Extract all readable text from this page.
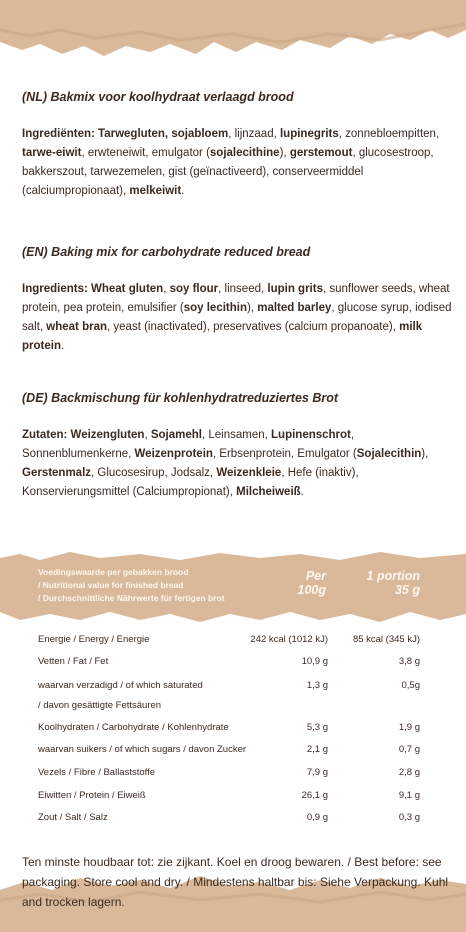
(NL) Bakmix voor koolhydraat verlaagd brood

Ingrediënten: Tarwegluten, sojabloem, lijnzaad, lupinegrits, zonnebloempitten, tarwe-eiwit, erwteneiwit, emulgator (sojalecithine), gerstemout, glucosestroop, bakkerszout, tarwezemelen, gist (geïnactiveerd), conserveermiddel (calciumpropionaat), melkeiwit.

(EN) Baking mix for carbohydrate reduced bread

Ingredients: Wheat gluten, soy flour, linseed, lupin grits, sunflower seeds, wheat protein, pea protein, emulsifier (soy lecithin), malted barley, glucose syrup, iodised salt, wheat bran, yeast (inactivated), preservatives (calcium propanoate), milk protein.

(DE) Backmischung für kohlenhydratreduziertes Brot

Zutaten: Weizengluten, Sojamehl, Leinsamen, Lupinenschrot, Sonnenblumenkerne, Weizenprotein, Erbsenprotein, Emulgator (Sojalecithin), Gerstenmalz, Glucosesirup, Jodsalz, Weizenkleie, Hefe (inaktiv), Konservierungsmittel (Calciumpropionat), Milcheiweiß.

Voedingswaarde per gebakken brood
/ Nutritional value for finished bread
/ Durchschnittliche Nährwerte für fertigen brot
Per
100g
1 portion
35 g
Energie / Energy / Energie	242 kcal (1012 kJ)	85 kcal (345 kJ)
Vetten / Fat / Fet	10,9 g	3,8 g
waarvan verzadigd / of which saturated
/ davon gesättigte Fettsäuren
1,3 g	0,5g
Koolhydraten / Carbohydrate / Kohlenhydrate	5,3 g	1,9 g
waarvan suikers / of which sugars / davon Zucker	2,1 g	0,7 g
Vezels / Fibre / Ballaststoffe	7,9 g	2,8 g
Eiwitten / Protein / Eiweiß	26,1 g	9,1 g
Zout / Salt / Salz	0,9 g	0,3 g
Ten minste houdbaar tot: zie zijkant. Koel en droog bewaren. / Best before: see packaging. Store cool and dry. / Mindestens haltbar bis: Siehe Verpackung. Kuhl and trocken lagern.
